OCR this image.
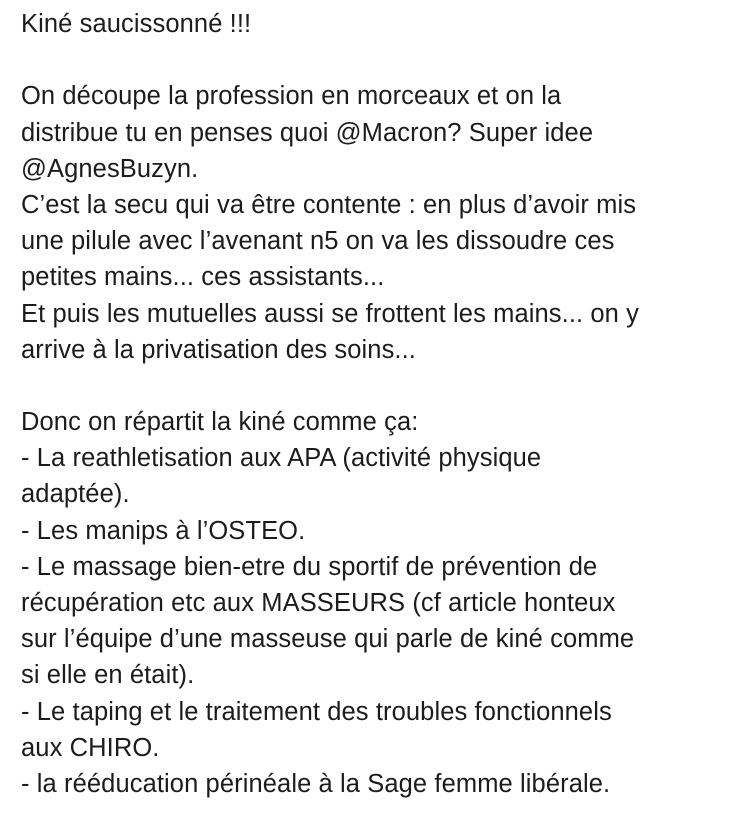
Kiné saucissonné !!!
On découpe la profession en morceaux et on la
distribue tu en penses quoi @Macron? Super idee
@AgnesBuzyn.
C’est la secu qui va être contente : en plus d’avoir mis
une pilule avec l’avenant n5 on va les dissoudre ces
petites mains... ces assistants...
Et puis les mutuelles aussi se frottent les mains... on y
arrive à la privatisation des soins...
Donc on répartit la kiné comme ça:
- La reathletisation aux APA (activité physique
adaptée).
- Les manips à l’OSTEO.
- Le massage bien-etre du sportif de prévention de
récupération etc aux MASSEURS (cf article honteux
sur l’équipe d’une masseuse qui parle de kiné comme
si elle en était).
- Le taping et le traitement des troubles fonctionnels
aux CHIRO.
- la rééducation périnéale à la Sage femme libérale.
